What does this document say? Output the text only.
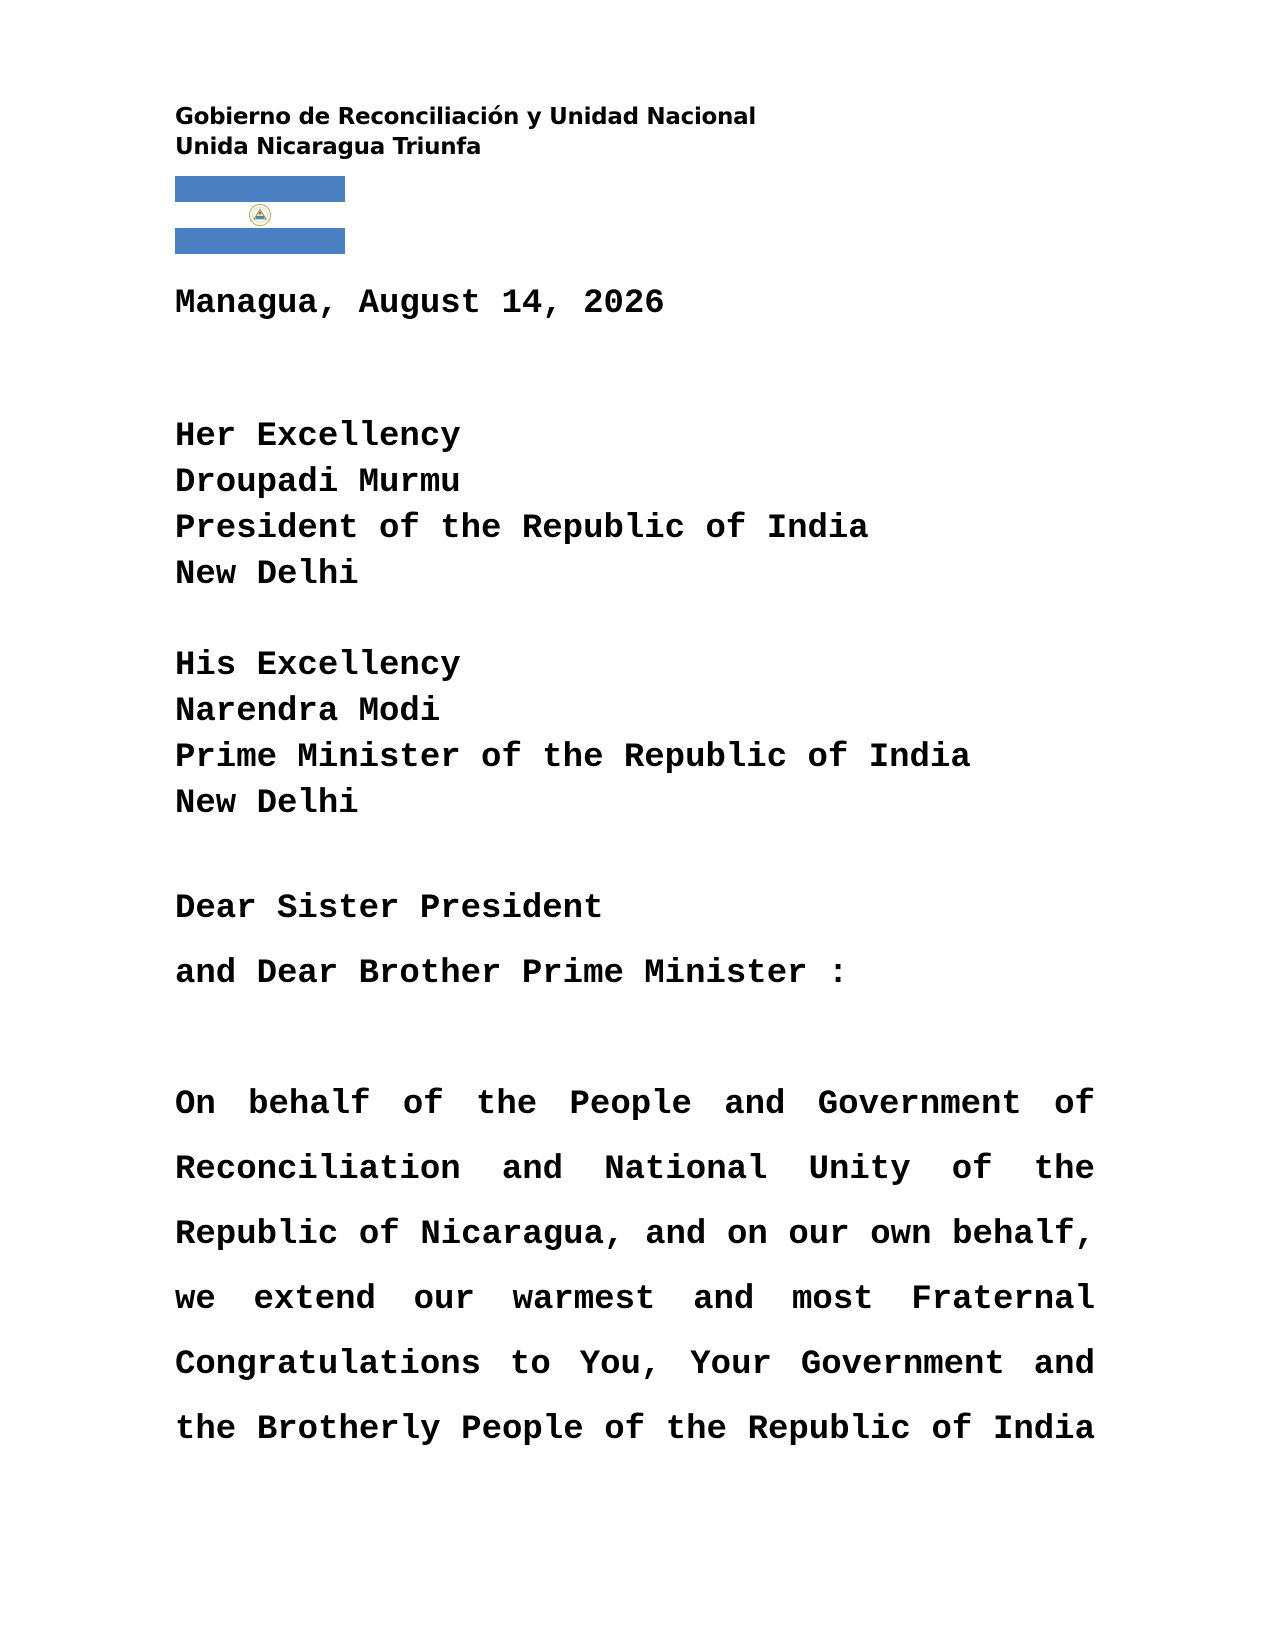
Gobierno de Reconciliación y Unidad Nacional
Unida Nicaragua Triunfa
Managua, August 14, 2026
Her Excellency
Droupadi Murmu
President of the Republic of India
New Delhi
His Excellency
Narendra Modi
Prime Minister of the Republic of India
New Delhi
Dear Sister President
and Dear Brother Prime Minister :
On behalf of the People and Government of
Reconciliation and National Unity of the
Republic of Nicaragua, and on our own behalf,
we extend our warmest and most Fraternal
Congratulations to You, Your Government and
the Brotherly People of the Republic of India
